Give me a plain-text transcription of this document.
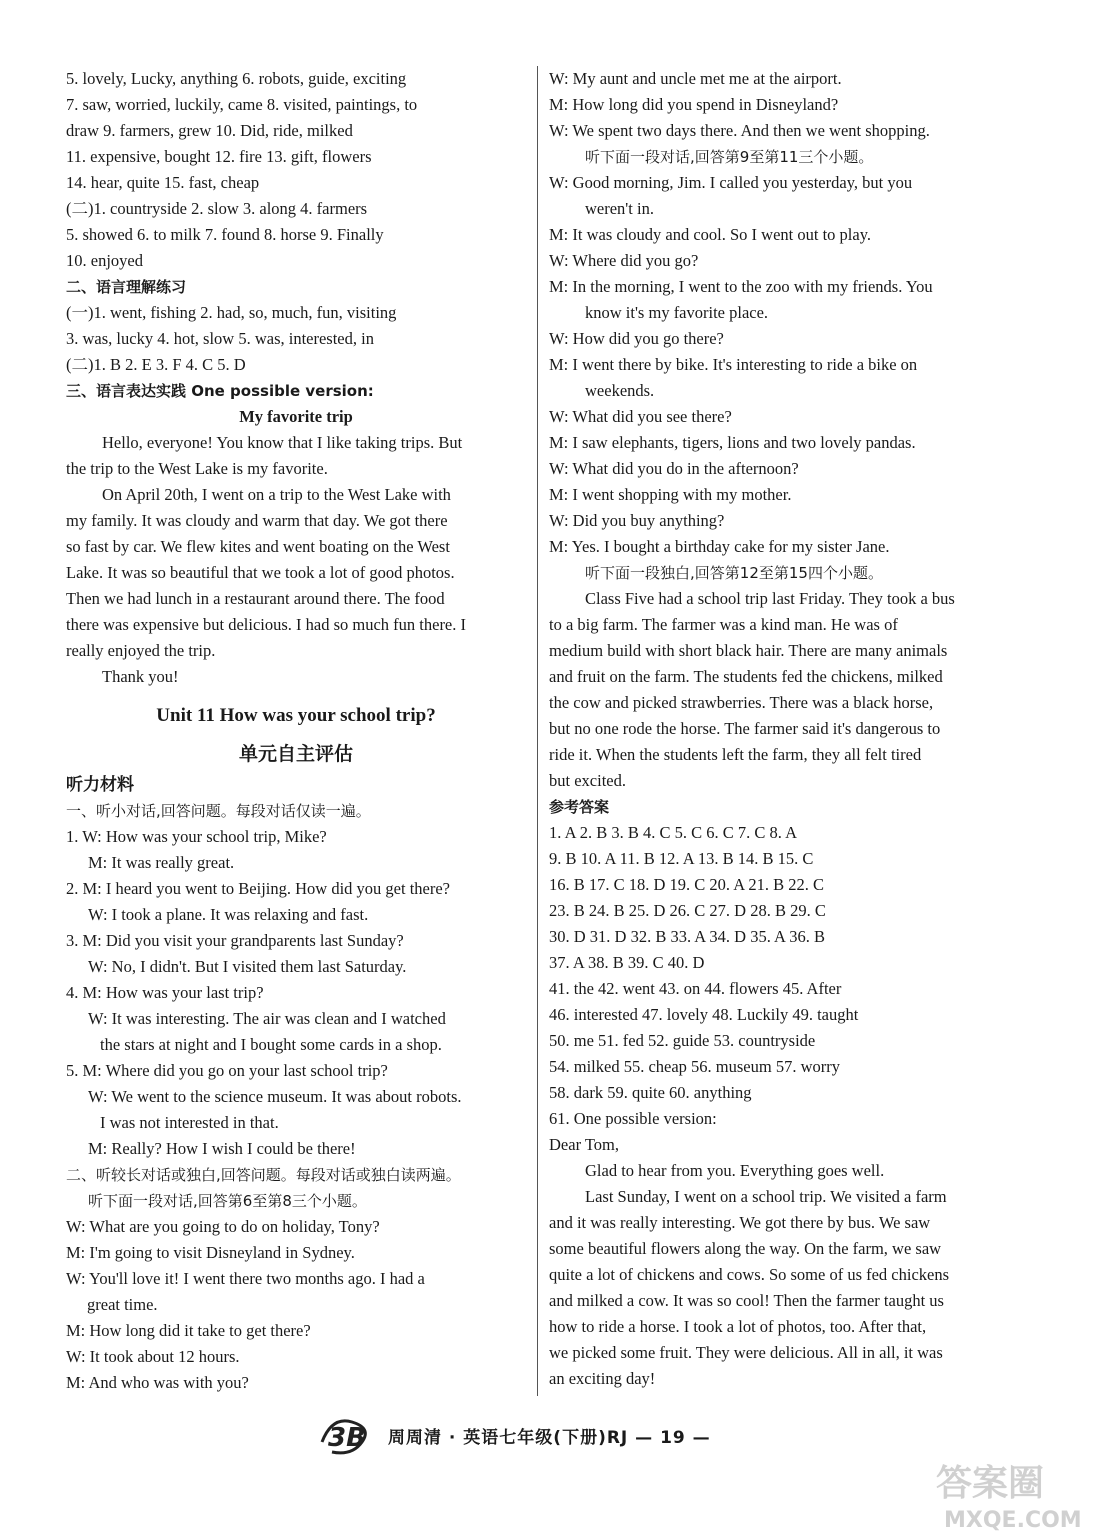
5. lovely, Lucky, anything 6. robots, guide, exciting
7. saw, worried, luckily, came 8. visited, paintings, to
draw 9. farmers, grew 10. Did, ride, milked
11. expensive, bought 12. fire 13. gift, flowers
14. hear, quite 15. fast, cheap
(二)1. countryside 2. slow 3. along 4. farmers
5. showed 6. to milk 7. found 8. horse 9. Finally
10. enjoyed
二、语言理解练习
(一)1. went, fishing 2. had, so, much, fun, visiting
3. was, lucky 4. hot, slow 5. was, interested, in
(二)1. B 2. E 3. F 4. C 5. D
三、语言表达实践 One possible version:
My favorite trip
Hello, everyone! You know that I like taking trips. But
the trip to the West Lake is my favorite.
On April 20th, I went on a trip to the West Lake with
my family. It was cloudy and warm that day. We got there
so fast by car. We flew kites and went boating on the West
Lake. It was so beautiful that we took a lot of good photos.
Then we had lunch in a restaurant around there. The food
there was expensive but delicious. I had so much fun there. I
really enjoyed the trip.
Thank you!
Unit 11 How was your school trip?
单元自主评估
听力材料
一、听小对话,回答问题。每段对话仅读一遍。
1. W: How was your school trip, Mike?
M: It was really great.
2. M: I heard you went to Beijing. How did you get there?
W: I took a plane. It was relaxing and fast.
3. M: Did you visit your grandparents last Sunday?
W: No, I didn't. But I visited them last Saturday.
4. M: How was your last trip?
W: It was interesting. The air was clean and I watched
the stars at night and I bought some cards in a shop.
5. M: Where did you go on your last school trip?
W: We went to the science museum. It was about robots.
I was not interested in that.
M: Really? How I wish I could be there!
二、听较长对话或独白,回答问题。每段对话或独白读两遍。
听下面一段对话,回答第6至第8三个小题。
W: What are you going to do on holiday, Tony?
M: I'm going to visit Disneyland in Sydney.
W: You'll love it! I went there two months ago. I had a
great time.
M: How long did it take to get there?
W: It took about 12 hours.
M: And who was with you?
W: My aunt and uncle met me at the airport.
M: How long did you spend in Disneyland?
W: We spent two days there. And then we went shopping.
听下面一段对话,回答第9至第11三个小题。
W: Good morning, Jim. I called you yesterday, but you
weren't in.
M: It was cloudy and cool. So I went out to play.
W: Where did you go?
M: In the morning, I went to the zoo with my friends. You
know it's my favorite place.
W: How did you go there?
M: I went there by bike. It's interesting to ride a bike on
weekends.
W: What did you see there?
M: I saw elephants, tigers, lions and two lovely pandas.
W: What did you do in the afternoon?
M: I went shopping with my mother.
W: Did you buy anything?
M: Yes. I bought a birthday cake for my sister Jane.
听下面一段独白,回答第12至第15四个小题。
Class Five had a school trip last Friday. They took a bus
to a big farm. The farmer was a kind man. He was of
medium build with short black hair. There are many animals
and fruit on the farm. The students fed the chickens, milked
the cow and picked strawberries. There was a black horse,
but no one rode the horse. The farmer said it's dangerous to
ride it. When the students left the farm, they all felt tired
but excited.
参考答案
1. A 2. B 3. B 4. C 5. C 6. C 7. C 8. A
9. B 10. A 11. B 12. A 13. B 14. B 15. C
16. B 17. C 18. D 19. C 20. A 21. B 22. C
23. B 24. B 25. D 26. C 27. D 28. B 29. C
30. D 31. D 32. B 33. A 34. D 35. A 36. B
37. A 38. B 39. C 40. D
41. the 42. went 43. on 44. flowers 45. After
46. interested 47. lovely 48. Luckily 49. taught
50. me 51. fed 52. guide 53. countryside
54. milked 55. cheap 56. museum 57. worry
58. dark 59. quite 60. anything
61. One possible version:
Dear Tom,
Glad to hear from you. Everything goes well.
Last Sunday, I went on a school trip. We visited a farm
and it was really interesting. We got there by bus. We saw
some beautiful flowers along the way. On the farm, we saw
quite a lot of chickens and cows. So some of us fed chickens
and milked a cow. It was so cool! Then the farmer taught us
how to ride a horse. I took a lot of photos, too. After that,
we picked some fruit. They were delicious. All in all, it was
an exciting day!
3B 周周清 · 英语七年级(下册)RJ — 19 —
答案圈
MXQE.COM
